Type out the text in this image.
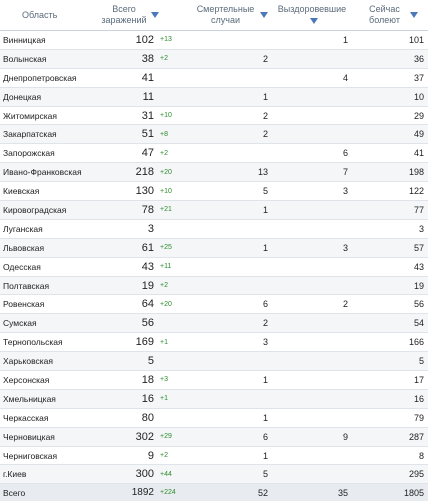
Область	Всего заражений		Смертельные случаи	Выздоровевшие	Сейчас болеют

Винницкая	102	+13		1	101
Волынская	38	+2	2		36
Днепропетровская	41			4	37
Донецкая	11		1		10
Житомирская	31	+10	2		29
Закарпатская	51	+8	2		49
Запорожская	47	+2		6	41
Ивано-Франковская	218	+20	13	7	198
Киевская	130	+10	5	3	122
Кировоградская	78	+21	1		77
Луганская	3				3
Львовская	61	+25	1	3	57
Одесская	43	+11			43
Полтавская	19	+2			19
Ровенская	64	+20	6	2	56
Сумская	56		2		54
Тернопольская	169	+1	3		166
Харьковская	5				5
Херсонская	18	+3	1		17
Хмельницкая	16	+1			16
Черкасская	80		1		79
Черновицкая	302	+29	6	9	287
Черниговская	9	+2	1		8
г.Киев	300	+44	5		295
Всего	1892	+224	52	35	1805
